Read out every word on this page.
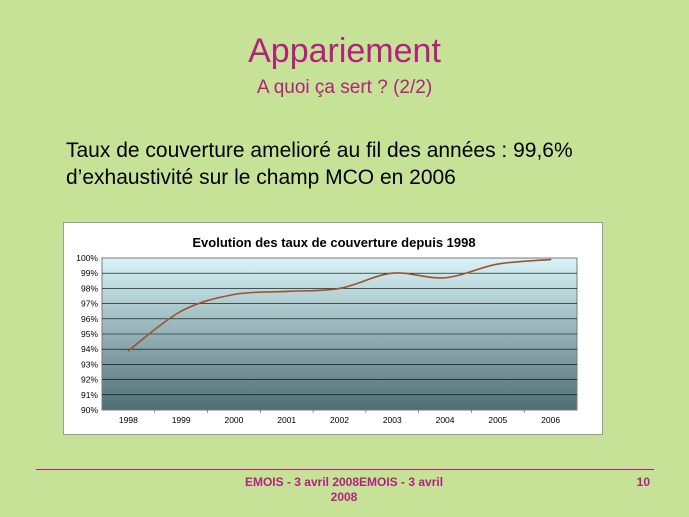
Appariement
A quoi ça sert ? (2/2)
Taux de couverture amelioré au fil des années : 99,6% d’exhaustivité sur le champ MCO en 2006
Evolution des taux de couverture depuis 1998
90%
91%
92%
93%
94%
95%
96%
97%
98%
99%
100%
1998	1999	2000	2001	2002	2003	2004	2005	2006
EMOIS - 3 avril 2008EMOIS - 3 avril 2008
10
